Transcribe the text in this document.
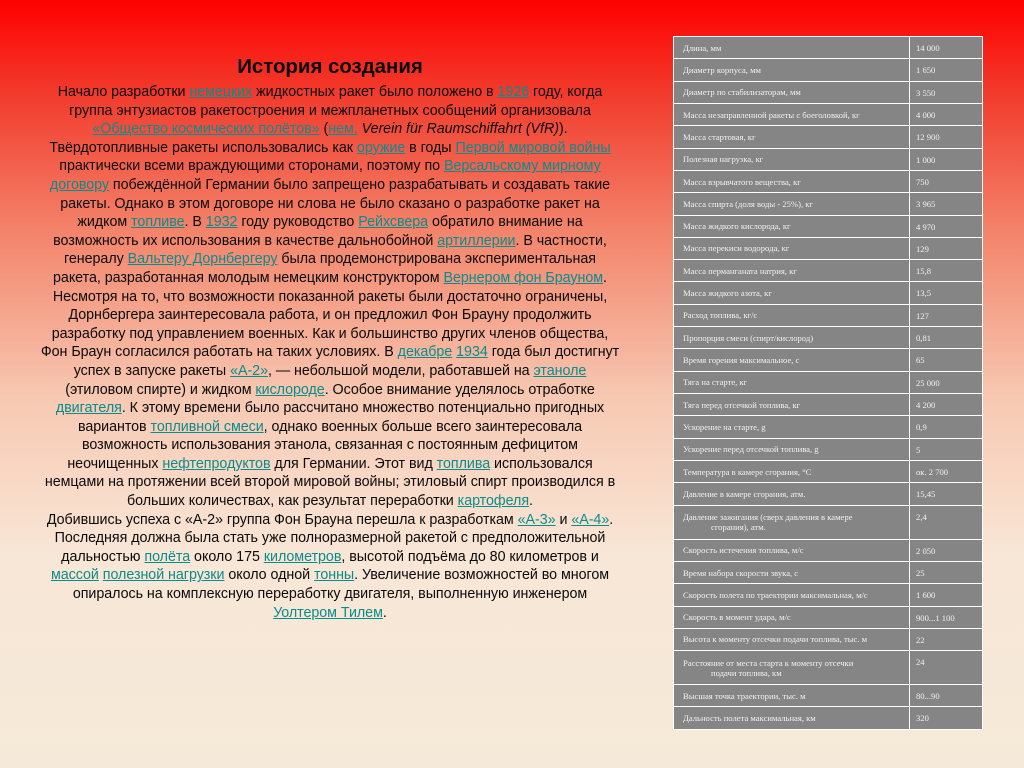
История создания

Начало разработки немецких жидкостных ракет было положено в 1926 году, когда группа энтузиастов ракетостроения и межпланетных сообщений организовала «Общество космических полётов» (нем. Verein für Raumschiffahrt (VfR)). Твёрдотопливные ракеты использовались как оружие в годы Первой мировой войны практически всеми враждующими сторонами, поэтому по Версальскому мирному договору побеждённой Германии было запрещено разрабатывать и создавать такие ракеты. Однако в этом договоре ни слова не было сказано о разработке ракет на жидком топливе. В 1932 году руководство Рейхсвера обратило внимание на возможность их использования в качестве дальнобойной артиллерии. В частности, генералу Вальтеру Дорнбергеру была продемонстрирована экспериментальная ракета, разработанная молодым немецким конструктором Вернером фон Брауном. Несмотря на то, что возможности показанной ракеты были достаточно ограничены, Дорнбергера заинтересовала работа, и он предложил Фон Брауну продолжить разработку под управлением военных. Как и большинство других членов общества, Фон Браун согласился работать на таких условиях. В декабре 1934 года был достигнут успех в запуске ракеты «А-2», — небольшой модели, работавшей на этаноле (этиловом спирте) и жидком кислороде. Особое внимание уделялось отработке двигателя. К этому времени было рассчитано множество потенциально пригодных вариантов топливной смеси, однако военных больше всего заинтересовала возможность использования этанола, связанная с постоянным дефицитом неочищенных нефтепродуктов для Германии. Этот вид топлива использовался немцами на протяжении всей второй мировой войны; этиловый спирт производился в больших количествах, как результат переработки картофеля.

Добившись успеха с «А-2» группа Фон Брауна перешла к разработкам «А-3» и «А-4». Последняя должна была стать уже полноразмерной ракетой с предположительной дальностью полёта около 175 километров, высотой подъёма до 80 километров и массой полезной нагрузки около одной тонны. Увеличение возможностей во многом опиралось на комплексную переработку двигателя, выполненную инженером Уолтером Тилем.

Длина, мм	14 000
Диаметр корпуса, мм	1 650
Диаметр по стабилизаторам, мм	3 550
Масса незаправленной ракеты с боеголовкой, кг	4 000
Масса стартовая, кг	12 900
Полезная нагрузка, кг	1 000
Масса взрывчатого вещества, кг	750
Масса спирта (доля воды - 25%), кг	3 965
Масса жидкого кислорода, кг	4 970
Масса перекиси водорода, кг	129
Масса перманганата натрия, кг	15,8
Масса жидкого азота, кг	13,5
Расход топлива, кг/с	127
Пропорция смеси (спирт/кислород)	0,81
Время горения максимальное, с	65
Тяга на старте, кг	25 000
Тяга перед отсечкой топлива, кг	4 200
Ускорение на старте, g	0,9
Ускорение перед отсечкой топлива, g	5
Температура в камере сгорания, °C	ок. 2 700
Давление в камере сгорания, атм.	15,45
Давление зажигания (сверх давления в камере
сгорания), атм.	2,4
Скорость истечения топлива, м/с	2 050
Время набора скорости звука, с	25
Скорость полета по траектории максимальная, м/с	1 600
Скорость в момент удара, м/с	900...1 100
Высота к моменту отсечки подачи топлива, тыс. м	22
Расстояние от места старта к моменту отсечки
подачи топлива, км	24
Высшая точка траектории, тыс. м	80...90
Дальность полета максимальная, км	320
